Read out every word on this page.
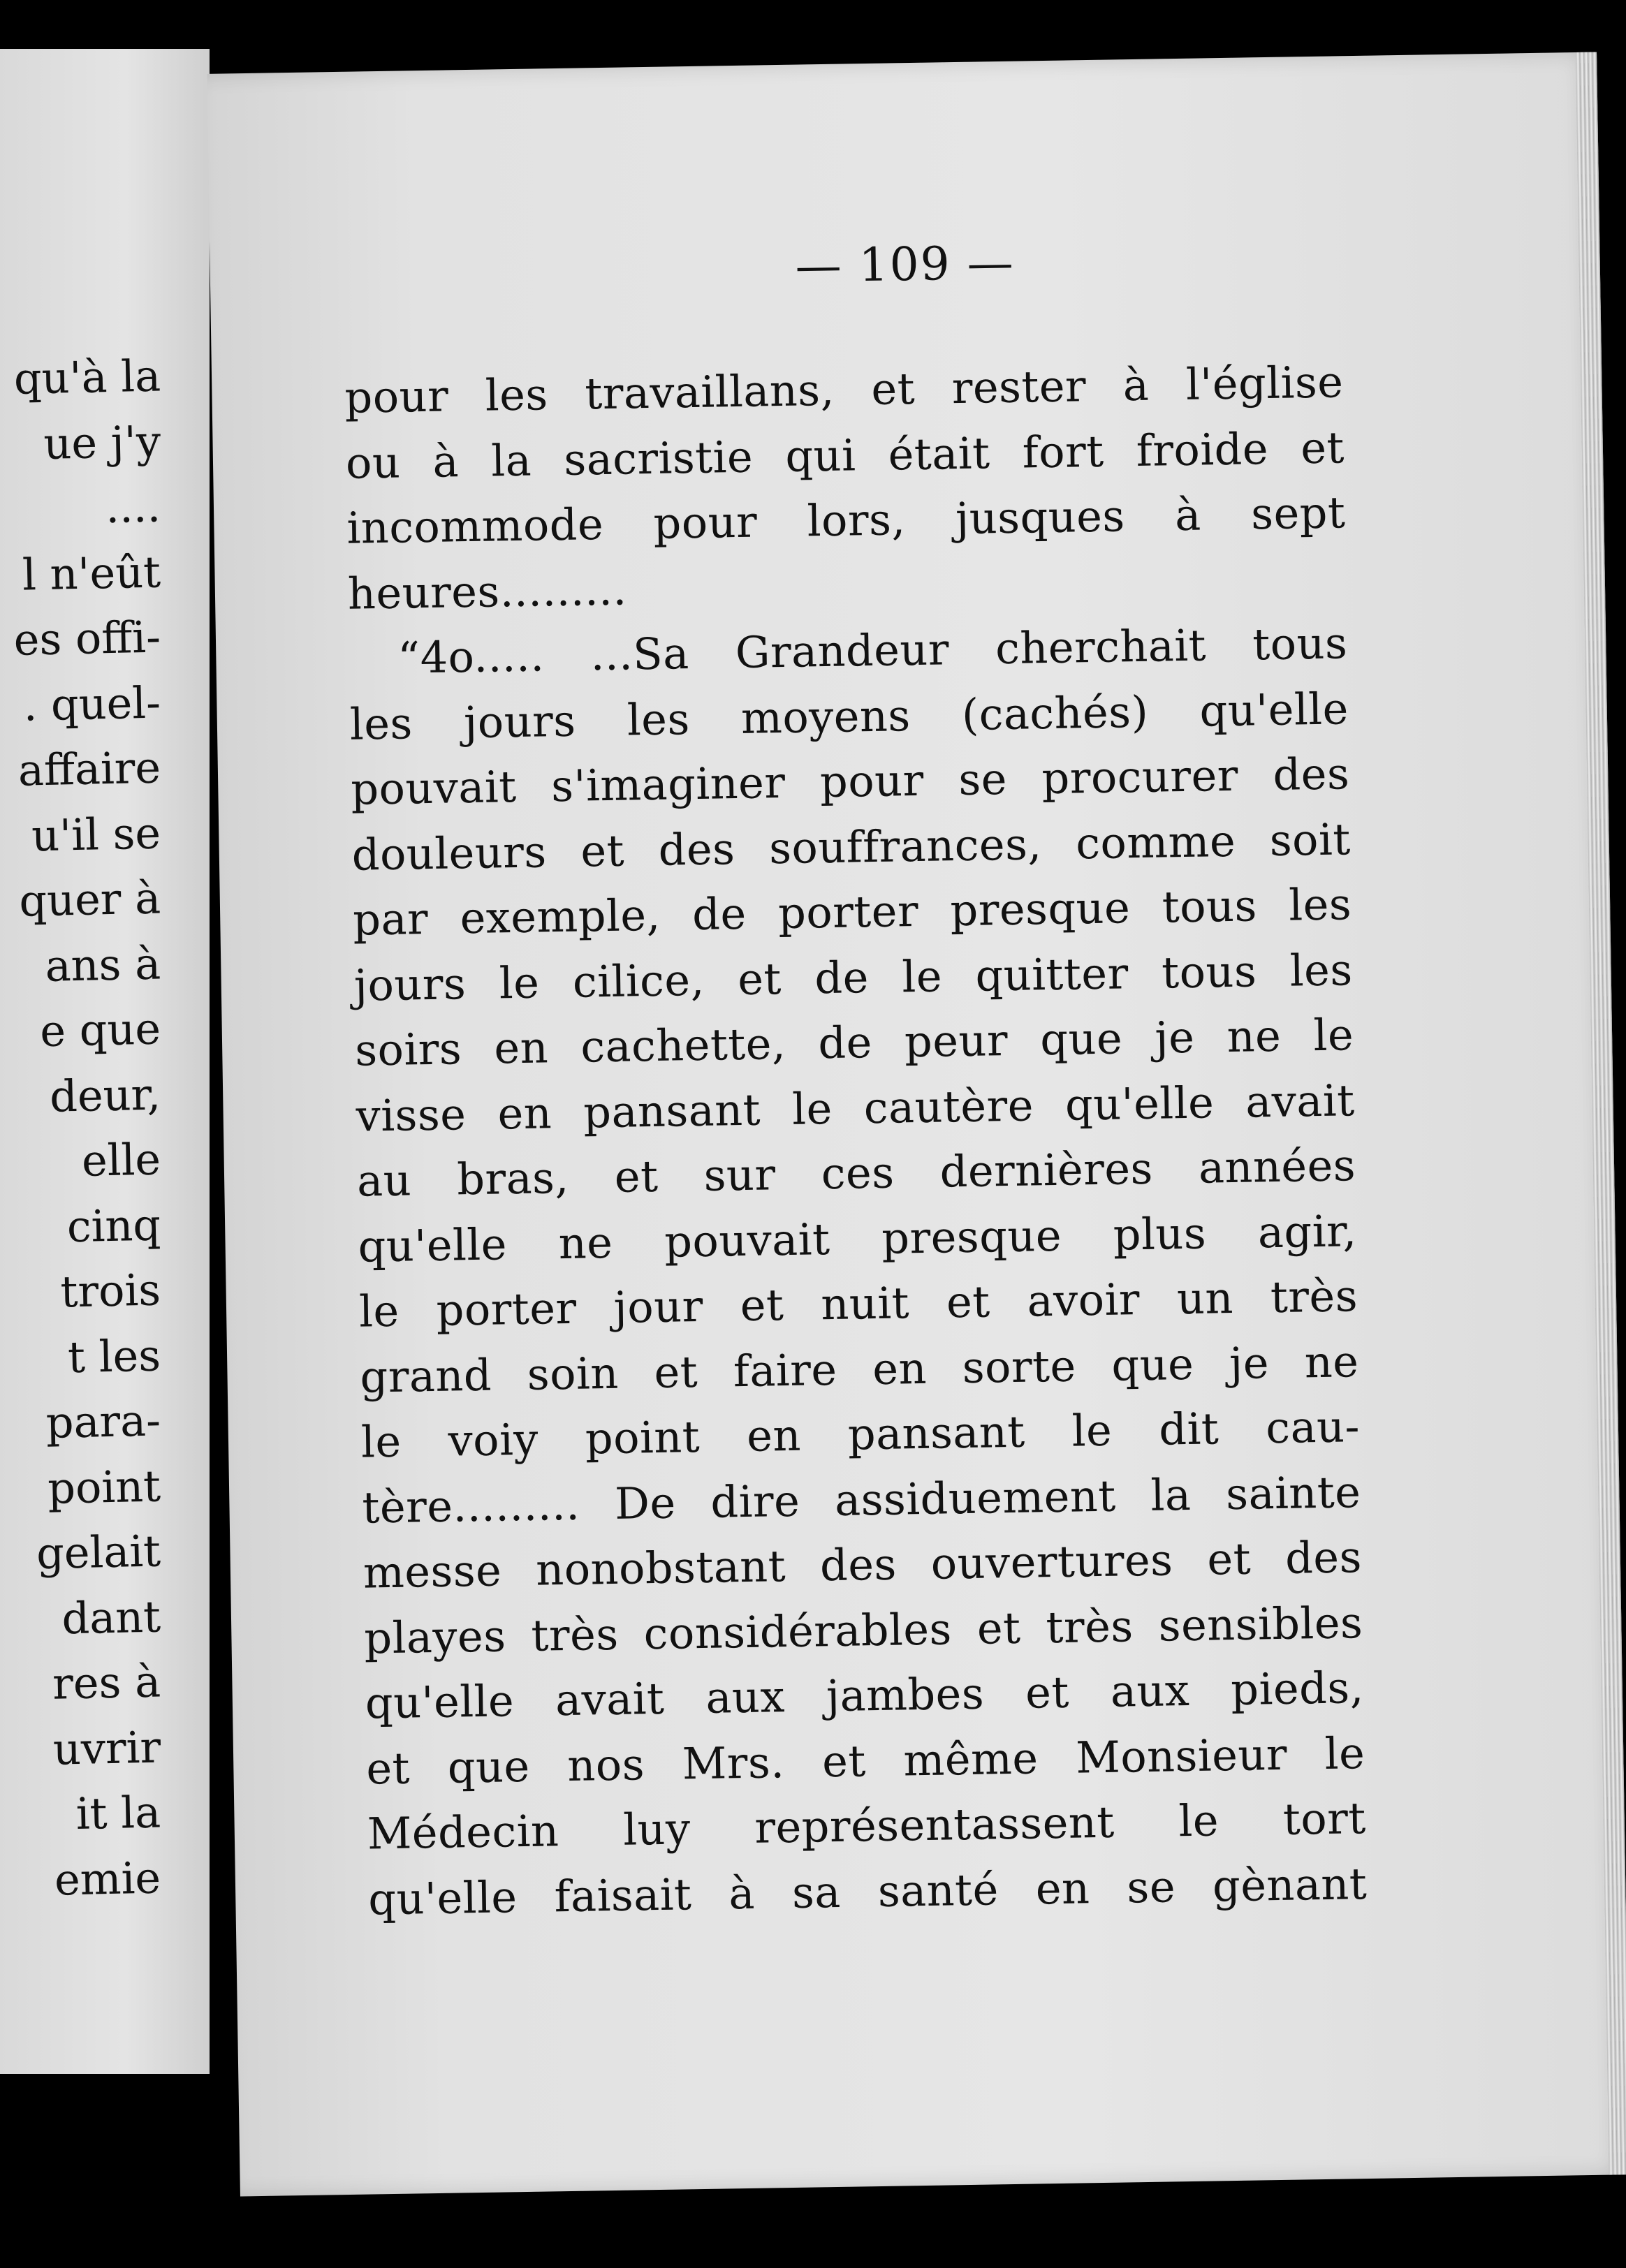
qu'à la
ue j'y
....
l n'eût
es offi-
. quel-
affaire
u'il se
quer à
ans à
e que
deur,
elle
cinq
trois
t les
para-
point
gelait
dant
res à
uvrir
it la
emie
— 109 —
pour les travaillans, et rester à l'église
ou à la sacristie qui était fort froide et
incommode pour lors, jusques à sept
heures.........
“4o..... ...Sa Grandeur cherchait tous
les jours les moyens (cachés) qu'elle
pouvait s'imaginer pour se procurer des
douleurs et des souffrances, comme soit
par exemple, de porter presque tous les
jours le cilice, et de le quitter tous les
soirs en cachette, de peur que je ne le
visse en pansant le cautère qu'elle avait
au bras, et sur ces dernières années
qu'elle ne pouvait presque plus agir,
le porter jour et nuit et avoir un très
grand soin et faire en sorte que je ne
le voiy point en pansant le dit cau-
tère......... De dire assiduement la sainte
messe nonobstant des ouvertures et des
playes très considérables et très sensibles
qu'elle avait aux jambes et aux pieds,
et que nos Mrs. et même Monsieur le
Médecin luy représentassent le tort
qu'elle faisait à sa santé en se gènant
